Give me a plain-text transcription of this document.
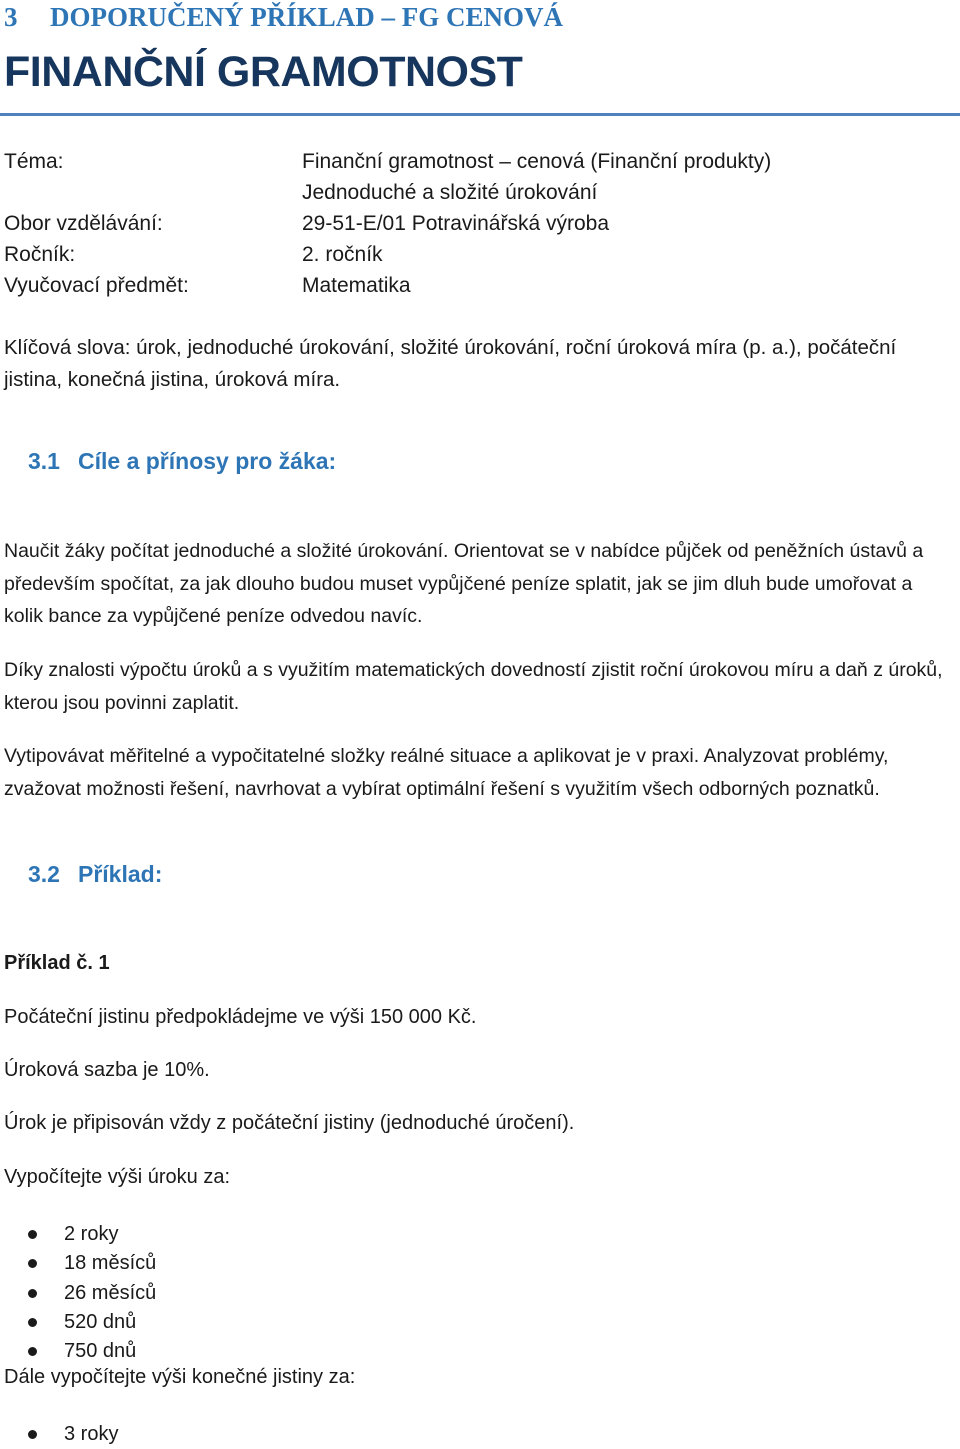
3 DOPORUČENÝ PŘÍKLAD – FG CENOVÁ
FINANČNÍ GRAMOTNOST
Téma:	Finanční gramotnost – cenová (Finanční produkty)
Jednoduché a složité úrokování
Obor vzdělávání:	29-51-E/01 Potravinářská výroba
Ročník:	2. ročník
Vyučovací předmět:	Matematika

Klíčová slova: úrok, jednoduché úrokování, složité úrokování, roční úroková míra (p. a.), počáteční jistina, konečná jistina, úroková míra.

3.1 Cíle a přínosy pro žáka:

Naučit žáky počítat jednoduché a složité úrokování. Orientovat se v nabídce půjček od peněžních ústavů a především spočítat, za jak dlouho budou muset vypůjčené peníze splatit, jak se jim dluh bude umořovat a kolik bance za vypůjčené peníze odvedou navíc.

Díky znalosti výpočtu úroků a s využitím matematických dovedností zjistit roční úrokovou míru a daň z úroků, kterou jsou povinni zaplatit.

Vytipovávat měřitelné a vypočitatelné složky reálné situace a aplikovat je v praxi. Analyzovat problémy, zvažovat možnosti řešení, navrhovat a vybírat optimální řešení s využitím všech odborných poznatků.

3.2 Příklad:
Příklad č. 1
Počáteční jistinu předpokládejme ve výši 150 000 Kč.
Úroková sazba je 10%.
Úrok je připisován vždy z počáteční jistiny (jednoduché úročení).
Vypočítejte výši úroku za:
2 roky
18 měsíců
26 měsíců
520 dnů
750 dnů
Dále vypočítejte výši konečné jistiny za:
3 roky
